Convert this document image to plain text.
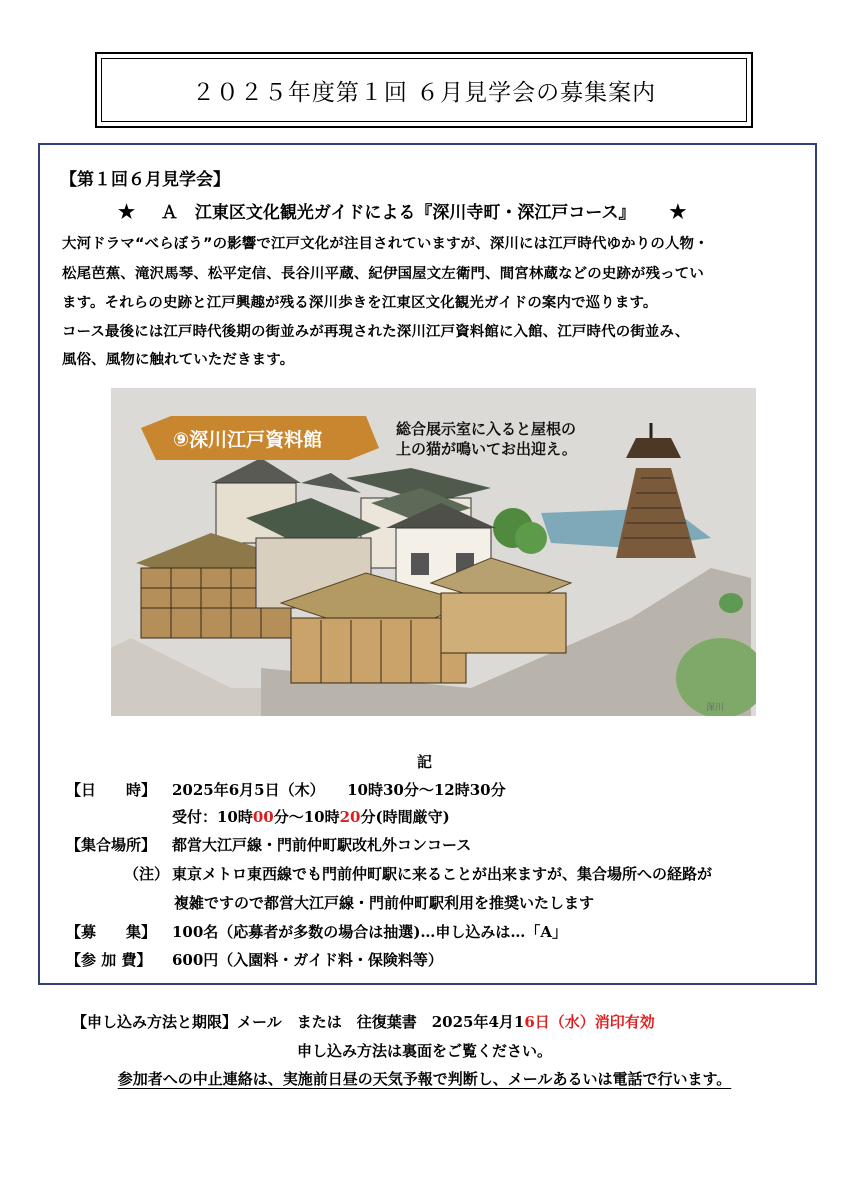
２０２５年度第１回 ６月見学会の募集案内
【第１回６月見学会】
★ Ａ　江東区文化観光ガイドによる『深川寺町・深江戸コース』 ★
大河ドラマ“べらぼう”の影響で江戸文化が注目されていますが、深川には江戸時代ゆかりの人物・
松尾芭蕉、滝沢馬琴、松平定信、長谷川平蔵、紀伊国屋文左衛門、間宮林蔵などの史跡が残ってい
ます。それらの史跡と江戸興趣が残る深川歩きを江東区文化観光ガイドの案内で巡ります。
コース最後には江戸時代後期の街並みが再現された深川江戸資料館に入館、江戸時代の街並み、
風俗、風物に触れていただきます。
⑨深川江戸資料館	総合展示室に入ると屋根の
上の猫が鳴いてお出迎え。
深川
記
【日　　時】 2025年6月5日（木）　　10時30分～12時30分
受付：10時00分～10時20分(時間厳守)
【集合場所】 都営大江戸線・門前仲町駅改札外コンコース
（注） 東京メトロ東西線でも門前仲町駅に来ることが出来ますが、集合場所への経路が
複雑ですので都営大江戸線・門前仲町駅利用を推奨いたします
【募　　集】 100名（応募者が多数の場合は抽選)…申し込みは…「A」
【参 加 費】 600円（入園料・ガイド料・保険料等）
【申し込み方法と期限】メール　または　往復葉書　2025年4月16日（水）消印有効
申し込み方法は裏面をご覧ください。
参加者への中止連絡は、実施前日昼の天気予報で判断し、メールあるいは電話で行います。
